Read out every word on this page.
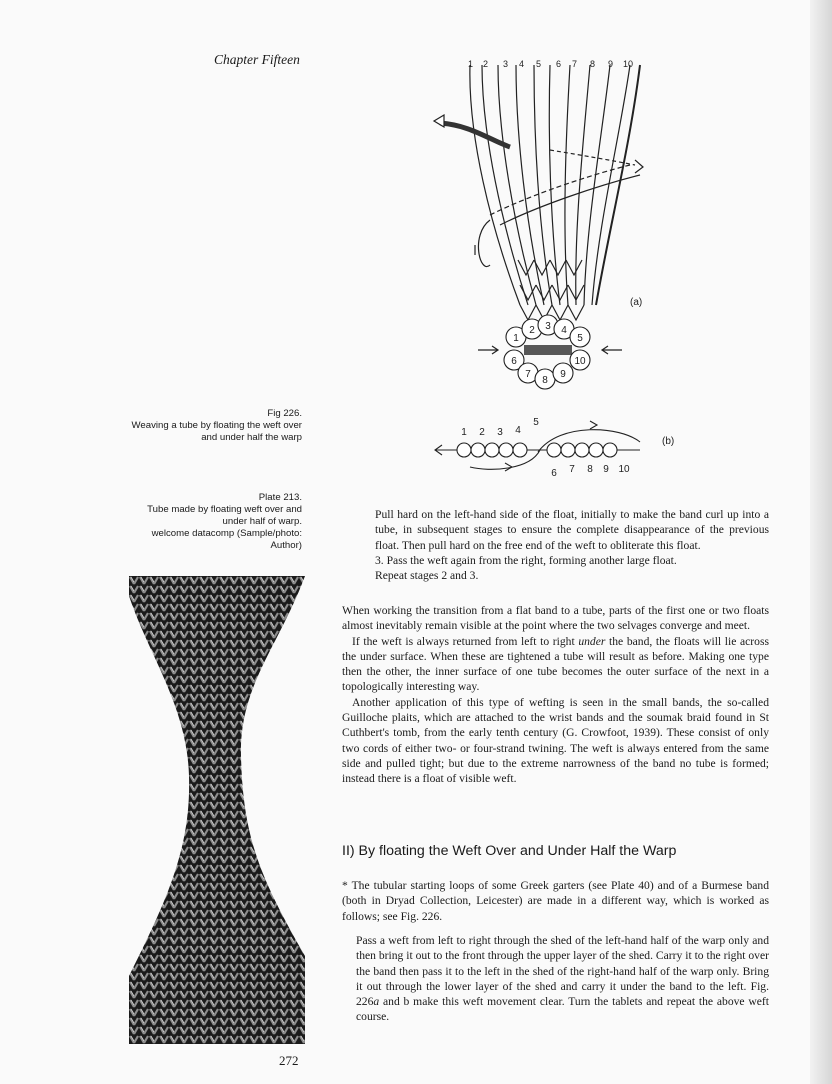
Chapter Fifteen
Fig 226.
Weaving a tube by floating the weft over
and under half the warp
Plate 213.
Tube made by floating weft over and
under half of warp.
welcome datacomp (Sample/photo:
Author)
1 2 3 4 5 6 7 8 9 10
1
2 3 4
5
6
7
8
9
10
(a)
1 2 3 4
5
6 7 8 9 10
(b)

Pull hard on the left-hand side of the float, initially to make the band curl up into a tube, in subsequent stages to ensure the complete disappearance of the previous float. Then pull hard on the free end of the weft to obliterate this float.

3. Pass the weft again from the right, forming another large float.

Repeat stages 2 and 3.

When working the transition from a flat band to a tube, parts of the first one or two floats almost inevitably remain visible at the point where the two selvages converge and meet.

If the weft is always returned from left to right under the band, the floats will lie across the under surface. When these are tightened a tube will result as before. Making one type then the other, the inner surface of one tube becomes the outer surface of the next in a topologically interesting way.

Another application of this type of wefting is seen in the small bands, the so-called Guilloche plaits, which are attached to the wrist bands and the soumak braid found in St Cuthbert's tomb, from the early tenth century (G. Crowfoot, 1939). These consist of only two cords of either two- or four-strand twining. The weft is always entered from the same side and pulled tight; but due to the extreme narrowness of the band no tube is formed; instead there is a float of visible weft.

II) By floating the Weft Over and Under Half the Warp
* The tubular starting loops of some Greek garters (see Plate 40) and of a Burmese band (both in Dryad Collection, Leicester) are made in a different way, which is worked as follows; see Fig. 226.
Pass a weft from left to right through the shed of the left-hand half of the warp only and then bring it out to the front through the upper layer of the shed. Carry it to the right over the band then pass it to the left in the shed of the right-hand half of the warp only. Bring it out through the lower layer of the shed and carry it under the band to the left. Fig. 226a and b make this weft movement clear. Turn the tablets and repeat the above weft course.
272
